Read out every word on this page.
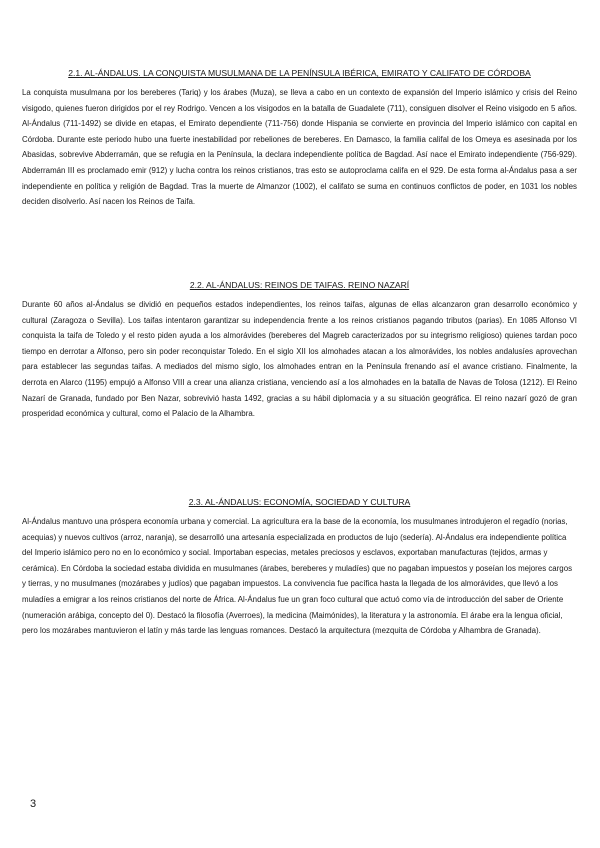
2.1. AL-ÁNDALUS. LA CONQUISTA MUSULMANA DE LA PENÍNSULA IBÉRICA, EMIRATO Y CALIFATO DE CÓRDOBA

La conquista musulmana por los bereberes (Tariq) y los árabes (Muza), se lleva a cabo en un contexto de expansión del Imperio islámico y crisis del Reino visigodo, quienes fueron dirigidos por el rey Rodrigo. Vencen a los visigodos en la batalla de Guadalete (711), consiguen disolver el Reino visigodo en 5 años. Al-Ándalus (711-1492) se divide en etapas, el Emirato dependiente (711-756) donde Hispania se convierte en provincia del Imperio islámico con capital en Córdoba. Durante este periodo hubo una fuerte inestabilidad por rebeliones de bereberes. En Damasco, la familia califal de los Omeya es asesinada por los Abasidas, sobrevive Abderramán, que se refugia en la Península, la declara independiente política de Bagdad. Así nace el Emirato independiente (756-929). Abderramán III es proclamado emir (912) y lucha contra los reinos cristianos, tras esto se autoproclama califa en el 929. De esta forma al-Ándalus pasa a ser independiente en política y religión de Bagdad. Tras la muerte de Almanzor (1002), el califato se suma en continuos conflictos de poder, en 1031 los nobles deciden disolverlo. Así nacen los Reinos de Taifa.

2.2. AL-ÁNDALUS: REINOS DE TAIFAS. REINO NAZARÍ

Durante 60 años al-Ándalus se dividió en pequeños estados independientes, los reinos taifas, algunas de ellas alcanzaron gran desarrollo económico y cultural (Zaragoza o Sevilla). Los taifas intentaron garantizar su independencia frente a los reinos cristianos pagando tributos (parias). En 1085 Alfonso VI conquista la taifa de Toledo y el resto piden ayuda a los almorávides (bereberes del Magreb caracterizados por su integrismo religioso) quienes tardan poco tiempo en derrotar a Alfonso, pero sin poder reconquistar Toledo. En el siglo XII los almohades atacan a los almorávides, los nobles andalusíes aprovechan para establecer las segundas taifas. A mediados del mismo siglo, los almohades entran en la Península frenando así el avance cristiano. Finalmente, la derrota en Alarco (1195) empujó a Alfonso VIII a crear una alianza cristiana, venciendo así a los almohades en la batalla de Navas de Tolosa (1212). El Reino Nazarí de Granada, fundado por Ben Nazar, sobrevivió hasta 1492, gracias a su hábil diplomacia y a su situación geográfica. El reino nazarí gozó de gran prosperidad económica y cultural, como el Palacio de la Alhambra.

2.3. AL-ÁNDALUS: ECONOMÍA, SOCIEDAD Y CULTURA

Al-Ándalus mantuvo una próspera economía urbana y comercial. La agricultura era la base de la economía, los musulmanes introdujeron el regadío (norias, acequias) y nuevos cultivos (arroz, naranja), se desarrolló una artesanía especializada en productos de lujo (sedería). Al-Ándalus era independiente política del Imperio islámico pero no en lo económico y social. Importaban especias, metales preciosos y esclavos, exportaban manufacturas (tejidos, armas y cerámica). En Córdoba la sociedad estaba dividida en musulmanes (árabes, bereberes y muladíes) que no pagaban impuestos y poseían los mejores cargos y tierras, y no musulmanes (mozárabes y judíos) que pagaban impuestos. La convivencia fue pacífica hasta la llegada de los almorávides, que llevó a los muladíes a emigrar a los reinos cristianos del norte de África. Al-Ándalus fue un gran foco cultural que actuó como vía de introducción del saber de Oriente (numeración arábiga, concepto del 0). Destacó la filosofía (Averroes), la medicina (Maimónides), la literatura y la astronomía. El árabe era la lengua oficial, pero los mozárabes mantuvieron el latín y más tarde las lenguas romances. Destacó la arquitectura (mezquita de Córdoba y Alhambra de Granada).

3
